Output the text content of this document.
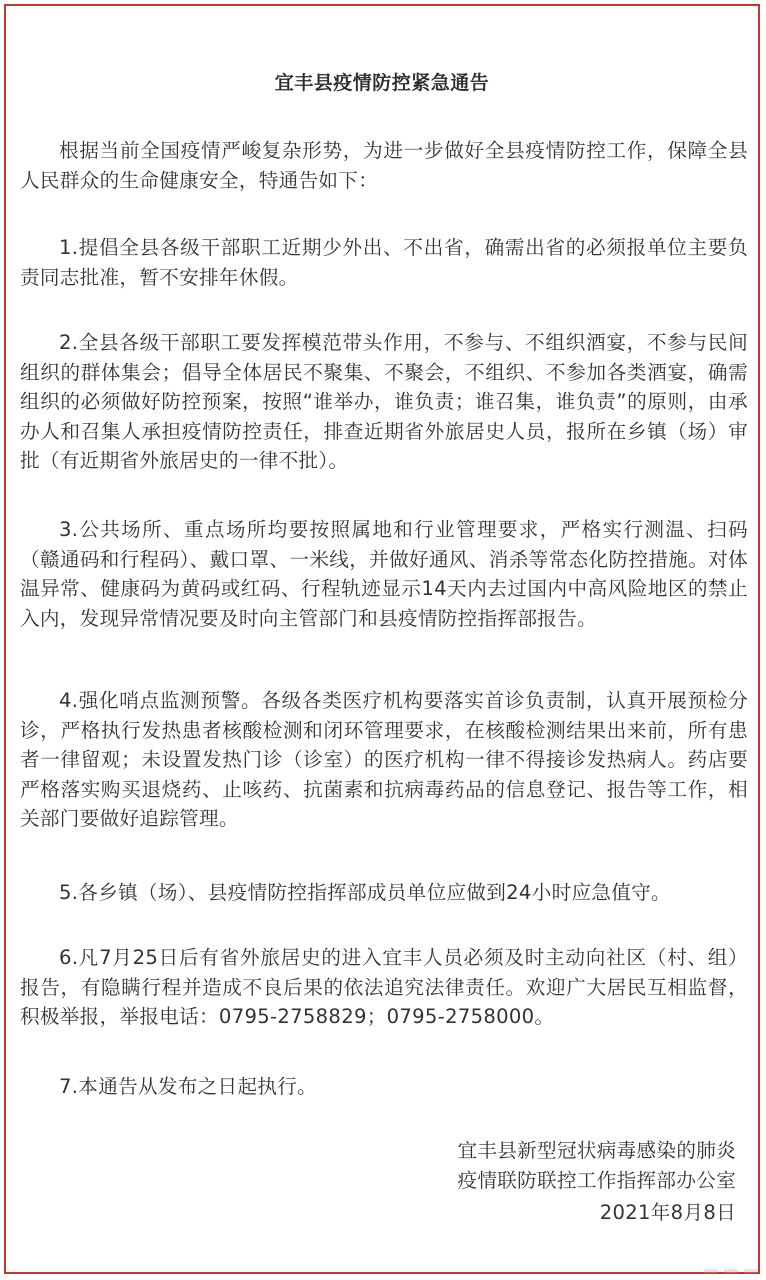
宜丰县疫情防控紧急通告

根据当前全国疫情严峻复杂形势，为进一步做好全县疫情防控工作，保障全县人民群众的生命健康安全，特通告如下：

1.提倡全县各级干部职工近期少外出、不出省，确需出省的必须报单位主要负责同志批准，暂不安排年休假。

2.全县各级干部职工要发挥模范带头作用，不参与、不组织酒宴，不参与民间组织的群体集会；倡导全体居民不聚集、不聚会，不组织、不参加各类酒宴，确需组织的必须做好防控预案，按照“谁举办，谁负责；谁召集，谁负责”的原则，由承办人和召集人承担疫情防控责任，排查近期省外旅居史人员，报所在乡镇（场）审批（有近期省外旅居史的一律不批）。

3.公共场所、重点场所均要按照属地和行业管理要求，严格实行测温、扫码（赣通码和行程码）、戴口罩、一米线，并做好通风、消杀等常态化防控措施。对体温异常、健康码为黄码或红码、行程轨迹显示14天内去过国内中高风险地区的禁止入内，发现异常情况要及时向主管部门和县疫情防控指挥部报告。

4.强化哨点监测预警。各级各类医疗机构要落实首诊负责制，认真开展预检分诊，严格执行发热患者核酸检测和闭环管理要求，在核酸检测结果出来前，所有患者一律留观；未设置发热门诊（诊室）的医疗机构一律不得接诊发热病人。药店要严格落实购买退烧药、止咳药、抗菌素和抗病毒药品的信息登记、报告等工作，相关部门要做好追踪管理。

5.各乡镇（场）、县疫情防控指挥部成员单位应做到24小时应急值守。

6.凡7月25日后有省外旅居史的进入宜丰人员必须及时主动向社区（村、组）报告，有隐瞒行程并造成不良后果的依法追究法律责任。欢迎广大居民互相监督，积极举报，举报电话：0795-2758829；0795-2758000。

7.本通告从发布之日起执行。

宜丰县新型冠状病毒感染的肺炎
疫情联防联控工作指挥部办公室
2021年8月8日
